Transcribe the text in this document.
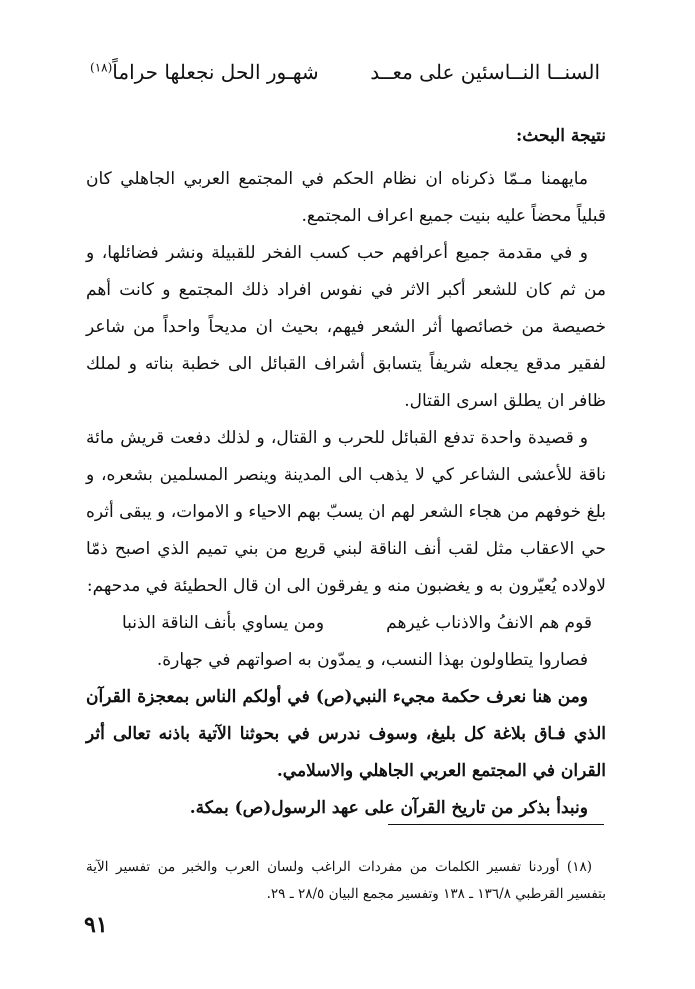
السنــا النــاسئين على معــد
شهـور الحل نجعلها حراماً$^{(١٨)}$

نتيجة البحث:

مايهمنا مـمّا ذكرناه ان نظام الحكم في المجتمع العربي الجاهلي كان قبلياً محضاً عليه بنيت جميع اعراف المجتمع.

و في مقدمة جميع أعرافهم حب كسب الفخر للقبيلة ونشر فضائلها، و من ثم كان للشعر أكبر الاثر في نفوس افراد ذلك المجتمع و كانت أهم خصيصة من خصائصها أثر الشعر فيهم، بحيث ان مديحاً واحداً من شاعر لفقير مدقع يجعله شريفاً يتسابق أشراف القبائل الى خطبة بناته و لملك ظافر ان يطلق اسرى القتال.

و قصيدة واحدة تدفع القبائل للحرب و القتال، و لذلك دفعت قريش مائة ناقة للأعشى الشاعر كي لا يذهب الى المدينة وينصر المسلمين بشعره، و بلغ خوفهم من هجاء الشعر لهم ان يسبّ بهم الاحياء و الاموات، و يبقى أثره حي الاعقاب مثل لقب أنف الناقة لبني قريع من بني تميم الذي اصبح ذمّا لاولاده يُعيّرون به و يغضبون منه و يفرقون الى ان قال الحطيئة في مدحهم:

قوم هم الانفُ والاذناب غيرهم
ومن يساوي بأنف الناقة الذنبا

فصاروا يتطاولون بهذا النسب، و يمدّون به اصواتهم في جهارة.

ومن هنا نعرف حكمة مجيء النبي(ص) في أولكم الناس بمعجزة القرآن الذي فـاق بلاغة كل بليغ، وسوف ندرس في بحوثنا الآتية باذنه تعالى أثر القران في المجتمع العربي الجاهلي والاسلامي.

ونبدأ بذكر من تاريخ القرآن على عهد الرسول(ص) بمكة.

(١٨) أوردنا تفسير الكلمات من مفردات الراغب ولسان العرب والخبر من تفسير الآية بتفسير القرطبي ١٣٦/٨ ـ ١٣٨ وتفسير مجمع البيان ٢٨/٥ ـ ٢٩.

٩١
